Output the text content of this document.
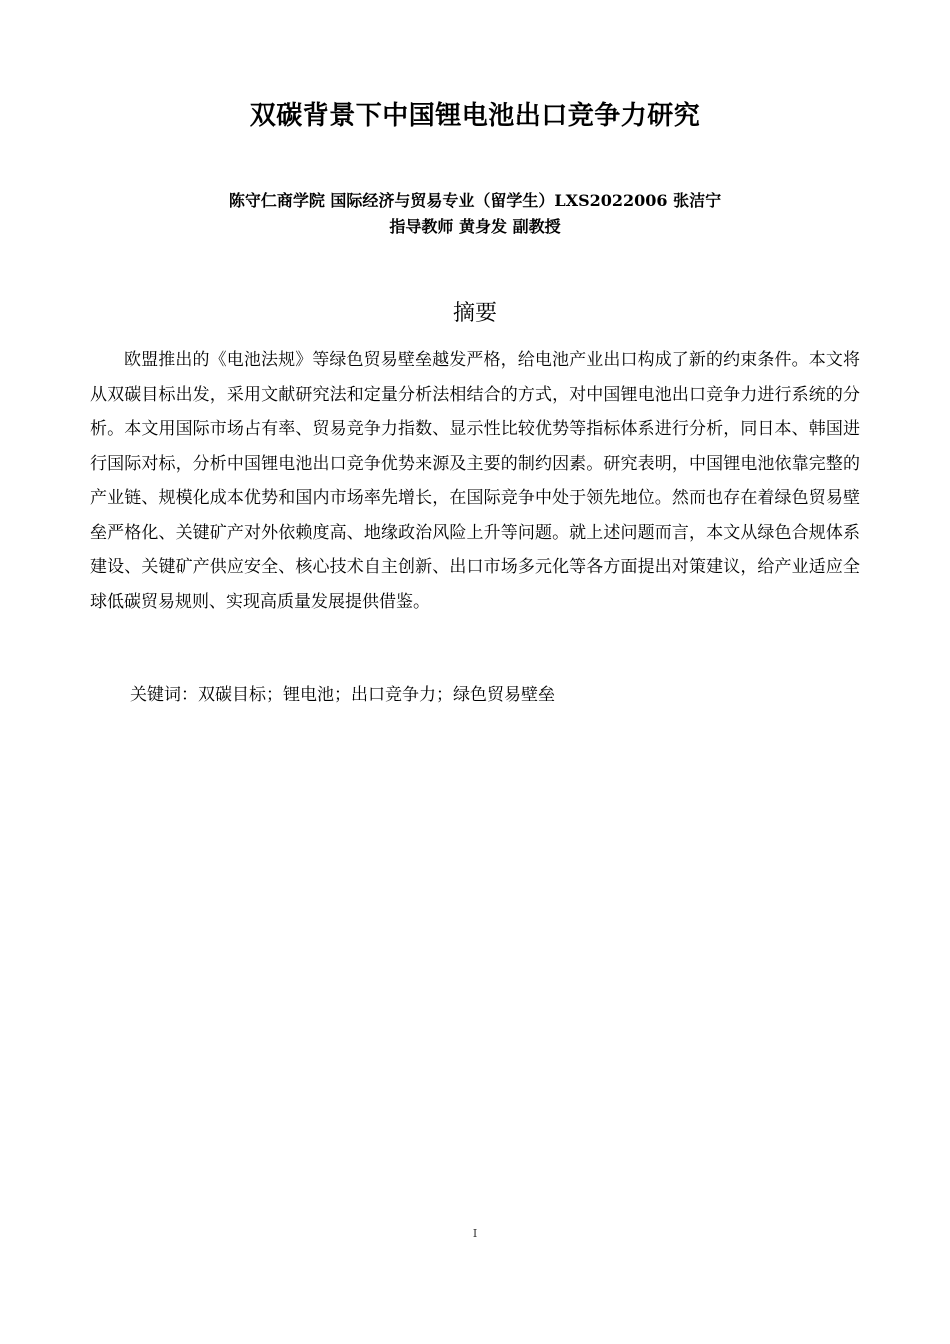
双碳背景下中国锂电池出口竞争力研究
陈守仁商学院 国际经济与贸易专业（留学生）LXS2022006 张洁宁
指导教师 黄身发 副教授
摘要

欧盟推出的《电池法规》等绿色贸易壁垒越发严格，给电池产业出口构成了新的约束条件。本文将从双碳目标出发，采用文献研究法和定量分析法相结合的方式，对中国锂电池出口竞争力进行系统的分析。本文用国际市场占有率、贸易竞争力指数、显示性比较优势等指标体系进行分析，同日本、韩国进行国际对标，分析中国锂电池出口竞争优势来源及主要的制约因素。研究表明，中国锂电池依靠完整的产业链、规模化成本优势和国内市场率先增长，在国际竞争中处于领先地位。然而也存在着绿色贸易壁垒严格化、关键矿产对外依赖度高、地缘政治风险上升等问题。就上述问题而言，本文从绿色合规体系建设、关键矿产供应安全、核心技术自主创新、出口市场多元化等各方面提出对策建议，给产业适应全球低碳贸易规则、实现高质量发展提供借鉴。

关键词：双碳目标；锂电池；出口竞争力；绿色贸易壁垒
I
